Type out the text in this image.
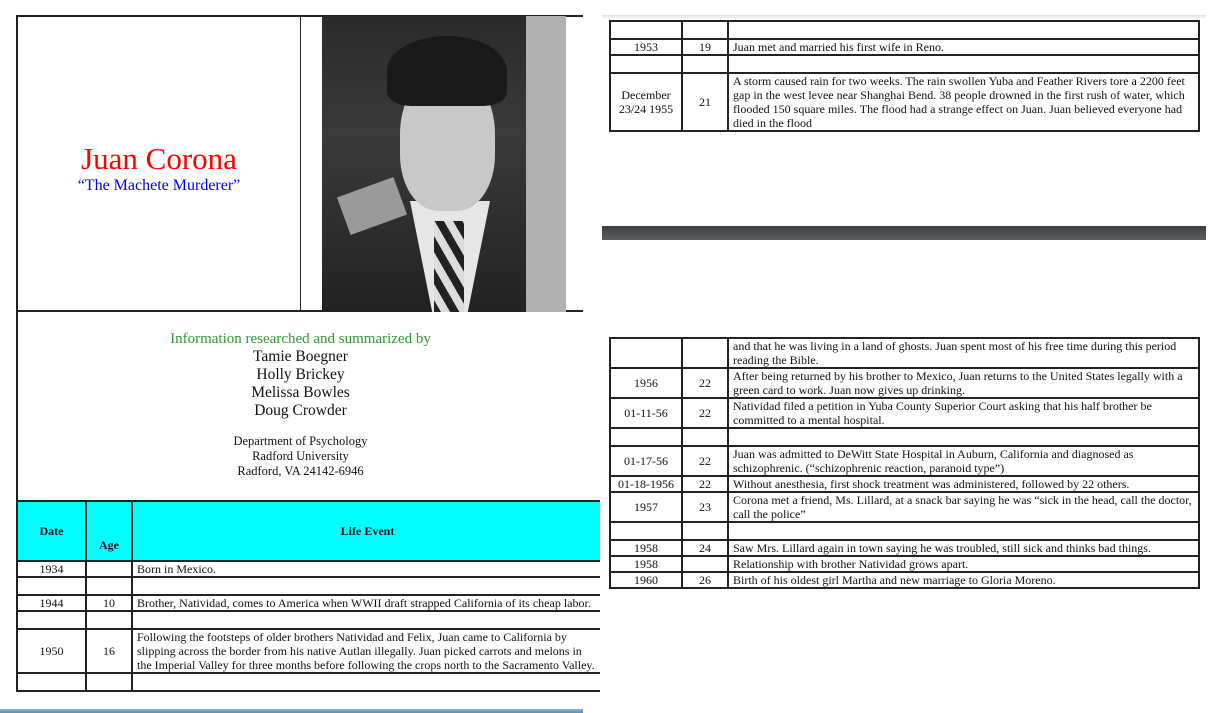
Juan Corona
“The Machete Murderer”
Information researched and summarized by
Tamie Boegner
Holly Brickey
Melissa Bowles
Doug Crowder
Department of Psychology
Radford University
Radford, VA 24142-6946
Date	Age	Life Event
1934		Born in Mexico.

1944	10	Brother, Natividad, comes to America when WWII draft strapped California of its cheap labor.

1950	16	Following the footsteps of older brothers Natividad and Felix, Juan came to California by slipping across the border from his native Autlan illegally. Juan picked carrots and melons in the Imperial Valley for three months before following the crops north to the Sacramento Valley.

1953	19	Juan met and married his first wife in Reno.

December 23/24 1955	21	A storm caused rain for two weeks. The rain swollen Yuba and Feather Rivers tore a 2200 feet gap in the west levee near Shanghai Bend. 38 people drowned in the first rush of water, which flooded 150 square miles. The flood had a strange effect on Juan. Juan believed everyone had died in the flood
		and that he was living in a land of ghosts. Juan spent most of his free time during this period reading the Bible.
1956	22	After being returned by his brother to Mexico, Juan returns to the United States legally with a green card to work. Juan now gives up drinking.
01-11-56	22	Natividad filed a petition in Yuba County Superior Court asking that his half brother be committed to a mental hospital.

01-17-56	22	Juan was admitted to DeWitt State Hospital in Auburn, California and diagnosed as schizophrenic. (“schizophrenic reaction, paranoid type”)
01-18-1956	22	Without anesthesia, first shock treatment was administered, followed by 22 others.
1957	23	Corona met a friend, Ms. Lillard, at a snack bar saying he was “sick in the head, call the doctor, call the police”

1958	24	Saw Mrs. Lillard again in town saying he was troubled, still sick and thinks bad things.
1958		Relationship with brother Natividad grows apart.
1960	26	Birth of his oldest girl Martha and new marriage to Gloria Moreno.
